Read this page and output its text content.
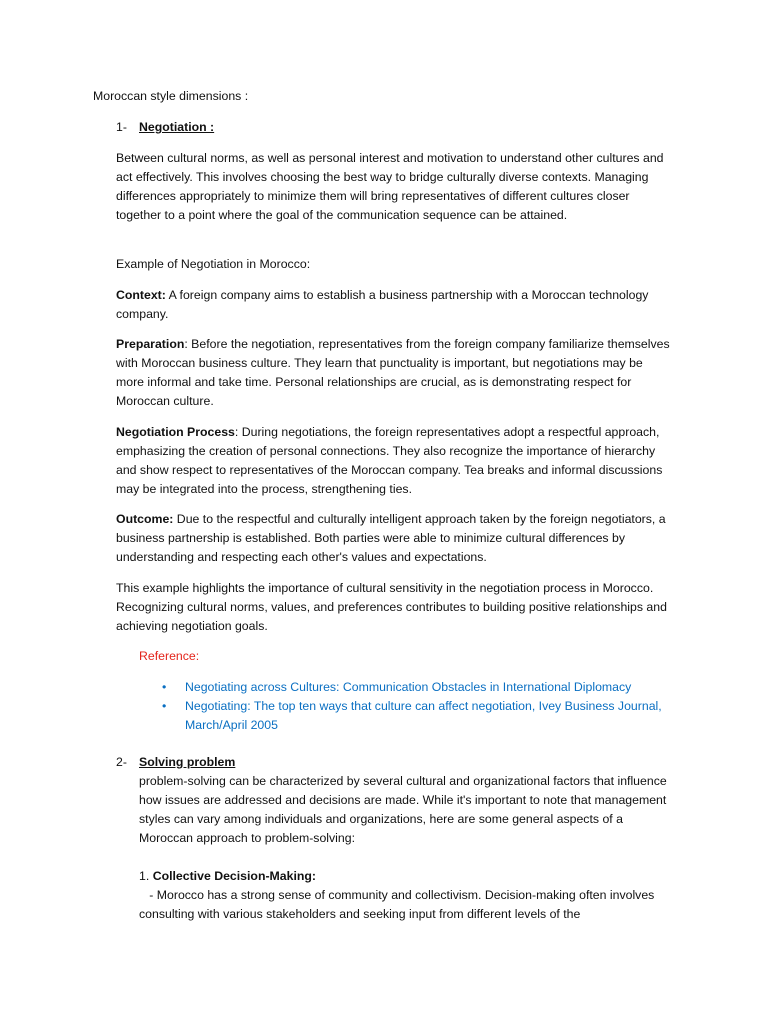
Moroccan style dimensions :
1- Negotiation :
Between cultural norms, as well as personal interest and motivation to understand other cultures and act effectively. This involves choosing the best way to bridge culturally diverse contexts. Managing differences appropriately to minimize them will bring representatives of different cultures closer together to a point where the goal of the communication sequence can be attained.
Example of Negotiation in Morocco:
Context: A foreign company aims to establish a business partnership with a Moroccan technology company.
Preparation: Before the negotiation, representatives from the foreign company familiarize themselves with Moroccan business culture. They learn that punctuality is important, but negotiations may be more informal and take time. Personal relationships are crucial, as is demonstrating respect for Moroccan culture.
Negotiation Process: During negotiations, the foreign representatives adopt a respectful approach, emphasizing the creation of personal connections. They also recognize the importance of hierarchy and show respect to representatives of the Moroccan company. Tea breaks and informal discussions may be integrated into the process, strengthening ties.
Outcome: Due to the respectful and culturally intelligent approach taken by the foreign negotiators, a business partnership is established. Both parties were able to minimize cultural differences by understanding and respecting each other's values and expectations.
This example highlights the importance of cultural sensitivity in the negotiation process in Morocco. Recognizing cultural norms, values, and preferences contributes to building positive relationships and achieving negotiation goals.
Reference:
• Negotiating across Cultures: Communication Obstacles in International Diplomacy
• Negotiating: The top ten ways that culture can affect negotiation, Ivey Business Journal, March/April 2005
2- Solving problem
problem-solving can be characterized by several cultural and organizational factors that influence how issues are addressed and decisions are made. While it's important to note that management styles can vary among individuals and organizations, here are some general aspects of a Moroccan approach to problem-solving:
1. Collective Decision-Making:
- Morocco has a strong sense of community and collectivism. Decision-making often involves consulting with various stakeholders and seeking input from different levels of the
